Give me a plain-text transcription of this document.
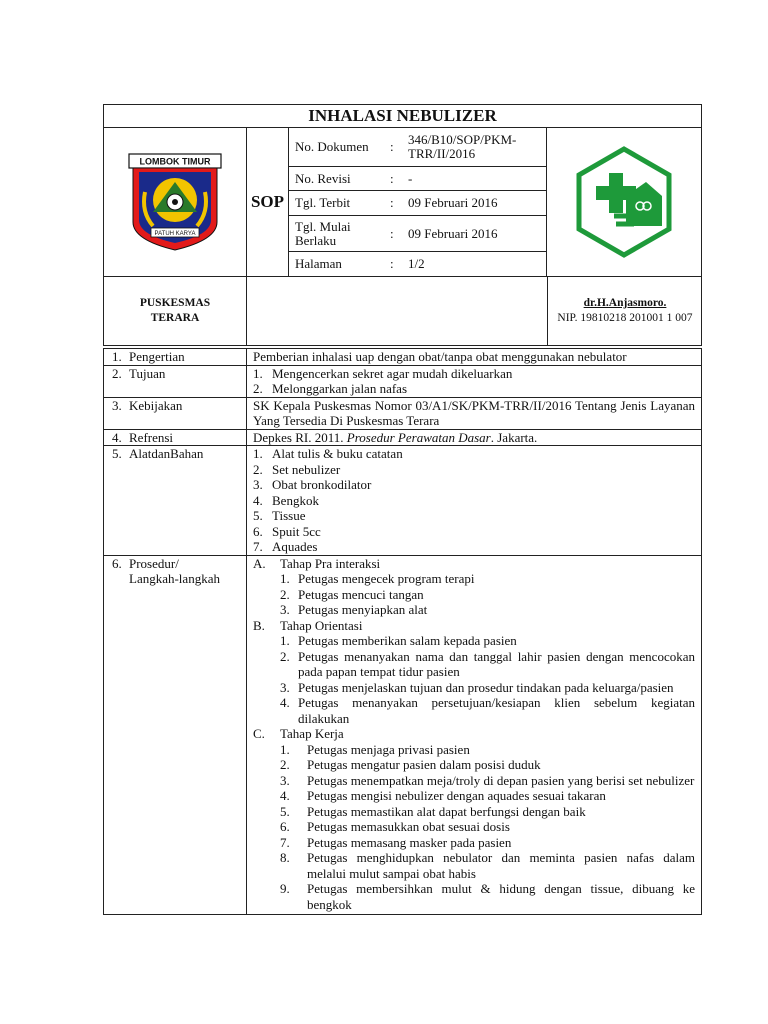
INHALASI NEBULIZER
LOMBOK TIMUR
PATUH KARYA
SOP
No. Dokumen	:	346/B10/SOP/PKM-TRR/II/2016
No. Revisi	:	-
Tgl. Terbit	:	09 Februari 2016
Tgl. Mulai Berlaku	:	09 Februari 2016
Halaman	:	1/2
PUSKESMAS
TERARA
dr.H.Anjasmoro.
NIP. 19810218 201001 1 007
1. Pengertian	Pemberian inhalasi uap dengan obat/tanpa obat menggunakan nebulator
2. Tujuan	1. Mengencerkan sekret agar mudah dikeluarkan
2. Melonggarkan jalan nafas
3. Kebijakan	SK Kepala Puskesmas Nomor 03/A1/SK/PKM-TRR/II/2016 Tentang Jenis Layanan Yang Tersedia Di Puskesmas Terara
4. Refrensi	Depkes RI. 2011. Prosedur Perawatan Dasar. Jakarta.
5. AlatdanBahan	1. Alat tulis & buku catatan
2. Set nebulizer
3. Obat bronkodilator
4. Bengkok
5. Tissue
6. Spuit 5cc
7. Aquades
6. Prosedur/
Langkah-langkah
A.	Tahap Pra interaksi
1. Petugas mengecek program terapi
2. Petugas mencuci tangan
3. Petugas menyiapkan alat
B.	Tahap Orientasi
1. Petugas memberikan salam kepada pasien
2. Petugas menanyakan nama dan tanggal lahir pasien dengan mencocokan pada papan tempat tidur pasien
3. Petugas menjelaskan tujuan dan prosedur tindakan pada keluarga/pasien
4. Petugas menanyakan persetujuan/kesiapan klien sebelum kegiatan dilakukan
C.	Tahap Kerja
1.	Petugas menjaga privasi pasien
2.	Petugas mengatur pasien dalam posisi duduk
3.	Petugas menempatkan meja/troly di depan pasien yang berisi set nebulizer
4.	Petugas mengisi nebulizer dengan aquades sesuai takaran
5.	Petugas memastikan alat dapat berfungsi dengan baik
6.	Petugas memasukkan obat sesuai dosis
7.	Petugas memasang masker pada pasien
8.	Petugas menghidupkan nebulator dan meminta pasien nafas dalam melalui mulut sampai obat habis
9.	Petugas membersihkan mulut & hidung dengan tissue, dibuang ke bengkok
